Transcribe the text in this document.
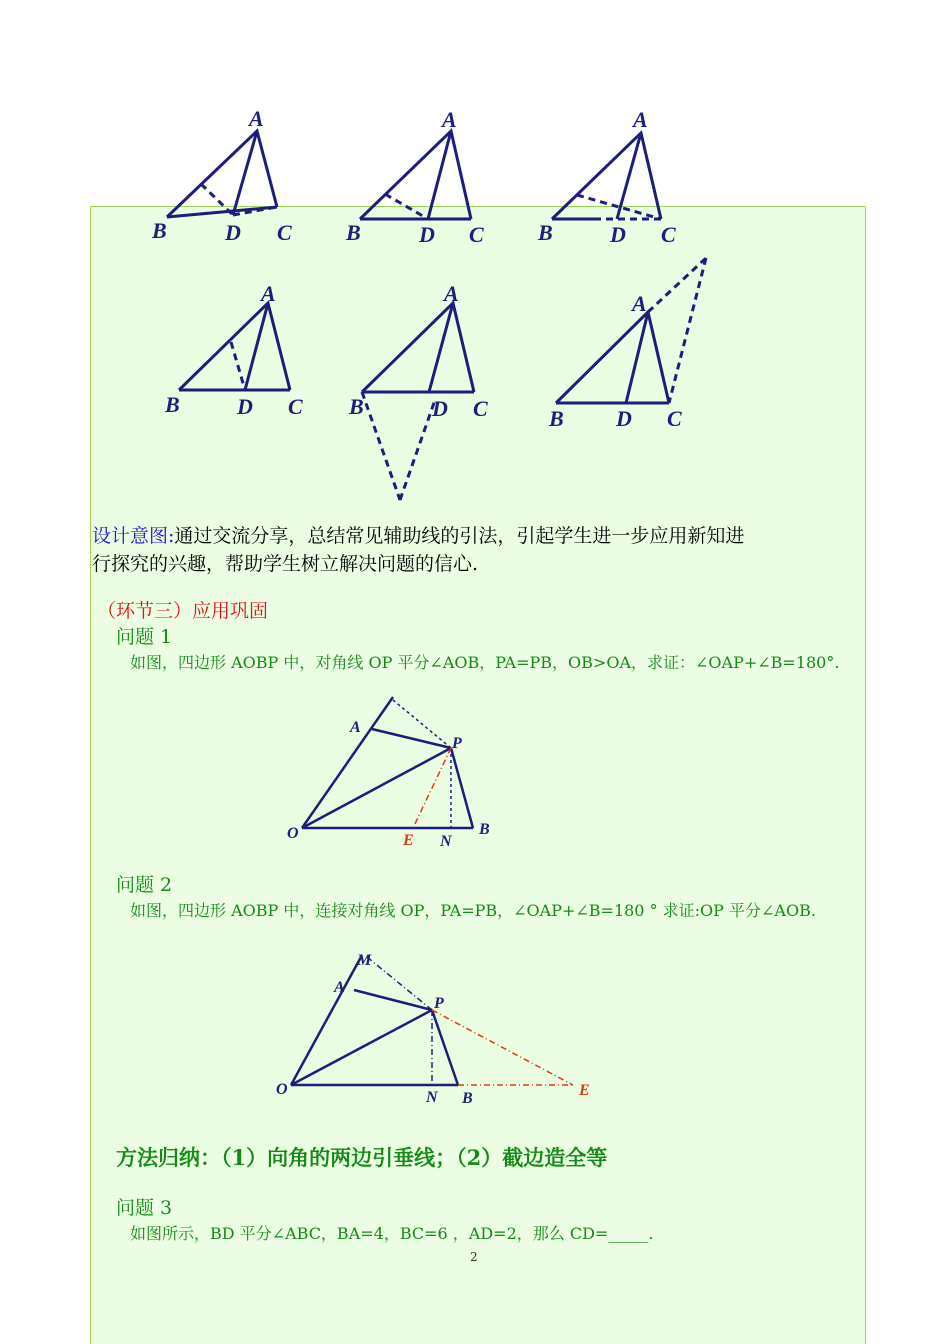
A
B	D C
A
B	D C
A
B	D C
A
B	D C
A
B	D C
A
B D C
设计意图:通过交流分享，总结常见辅助线的引法，引起学生进一步应用新知进
行探究的兴趣，帮助学生树立解决问题的信心.
（环节三）应用巩固
问题 1
如图，四边形 AOBP 中，对角线 OP 平分∠AOB，PA=PB，OB>OA，求证：∠OAP+∠B=180°.
A
P
O	E N
B
问题 2
如图，四边形 AOBP 中，连接对角线 OP，PA=PB，∠OAP+∠B=180 ° 求证:OP 平分∠AOB.
M
A
P
O	N B	E
方法归纳：（1）向角的两边引垂线；（2）截边造全等
问题 3
如图所示，BD 平分∠ABC，BA=4，BC=6 ，AD=2，那么 CD=_____.
2
